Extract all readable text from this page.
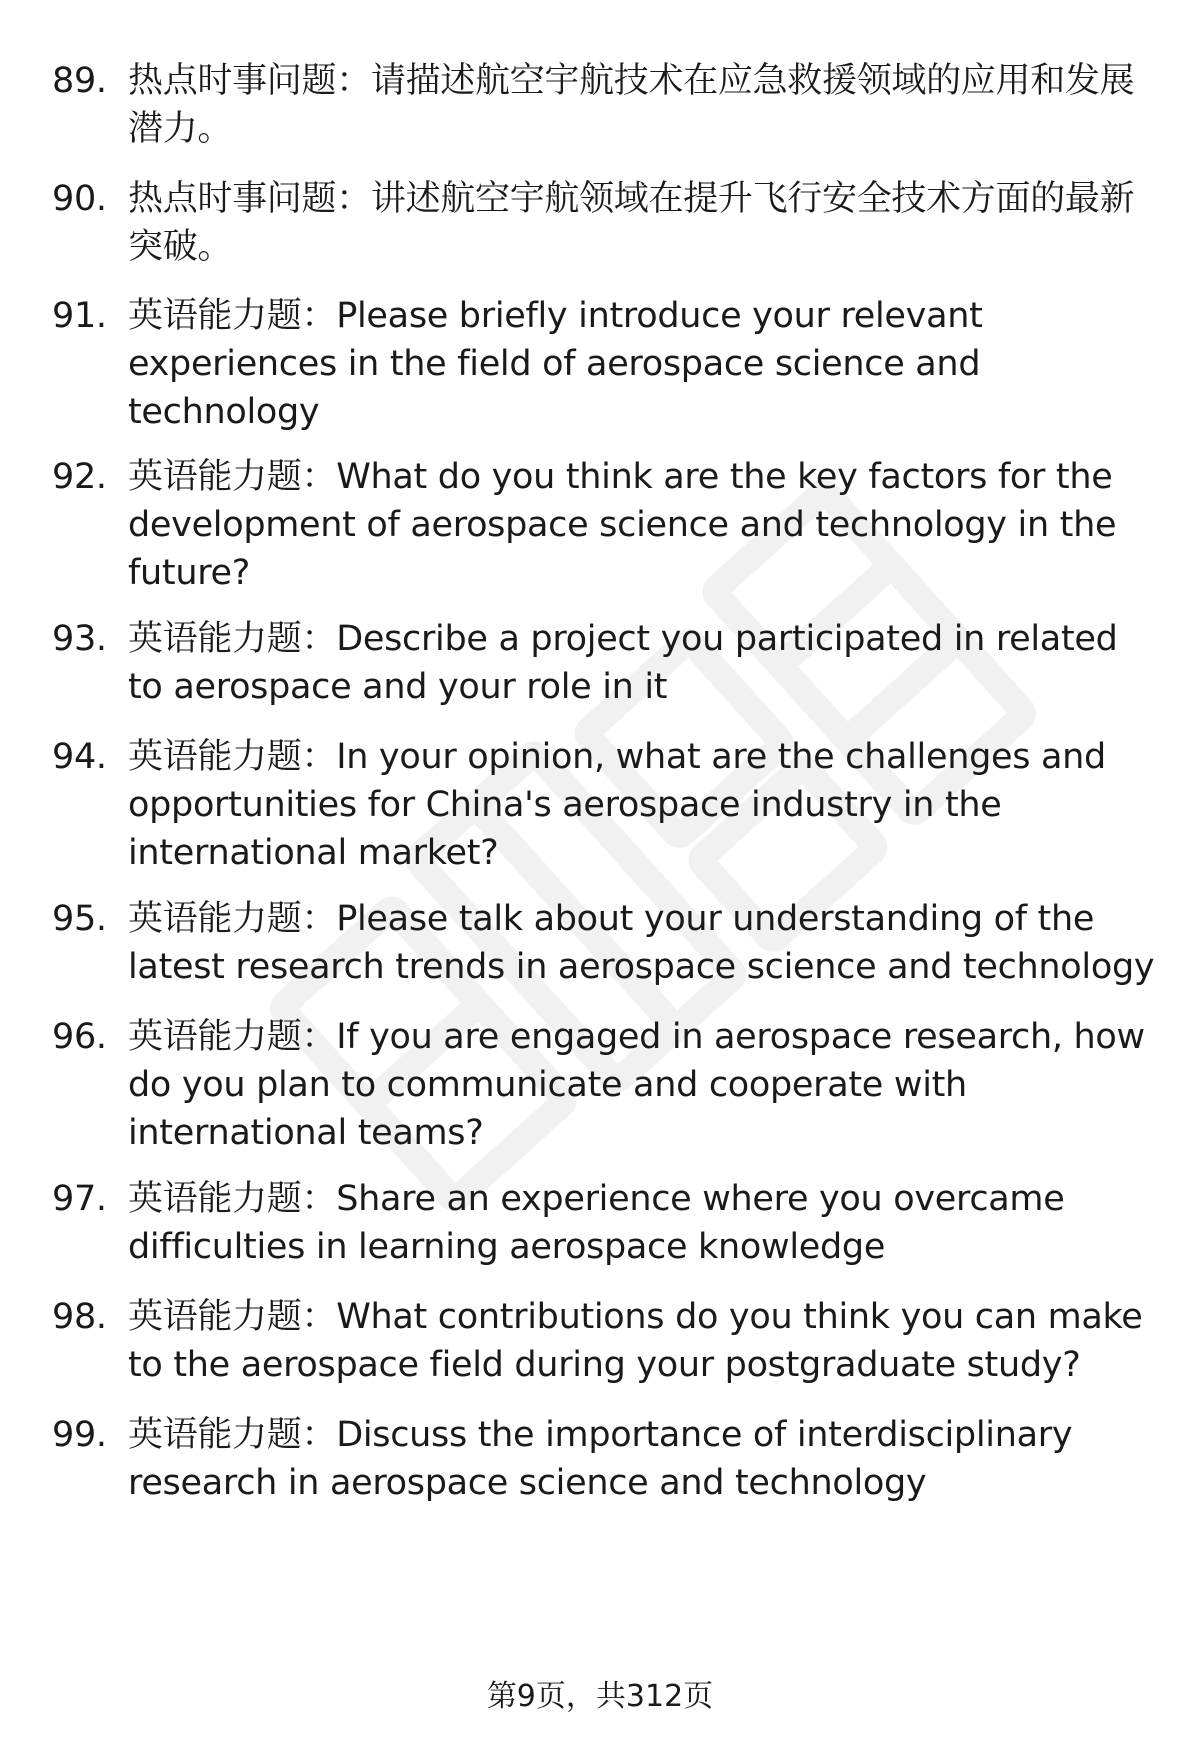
89. 热点时事问题：请描述航空宇航技术在应急救援领域的应用和发展潜力。
90. 热点时事问题：讲述航空宇航领域在提升飞行安全技术方面的最新突破。
91. 英语能力题：Please briefly introduce your relevant experiences in the field of aerospace science and technology
92. 英语能力题：What do you think are the key factors for the development of aerospace science and technology in the future?
93. 英语能力题：Describe a project you participated in related to aerospace and your role in it
94. 英语能力题：In your opinion, what are the challenges and opportunities for China's aerospace industry in the international market?
95. 英语能力题：Please talk about your understanding of the latest research trends in aerospace science and technology
96. 英语能力题：If you are engaged in aerospace research, how do you plan to communicate and cooperate with international teams?
97. 英语能力题：Share an experience where you overcame difficulties in learning aerospace knowledge
98. 英语能力题：What contributions do you think you can make to the aerospace field during your postgraduate study?
99. 英语能力题：Discuss the importance of interdisciplinary research in aerospace science and technology
第9页，共312页
